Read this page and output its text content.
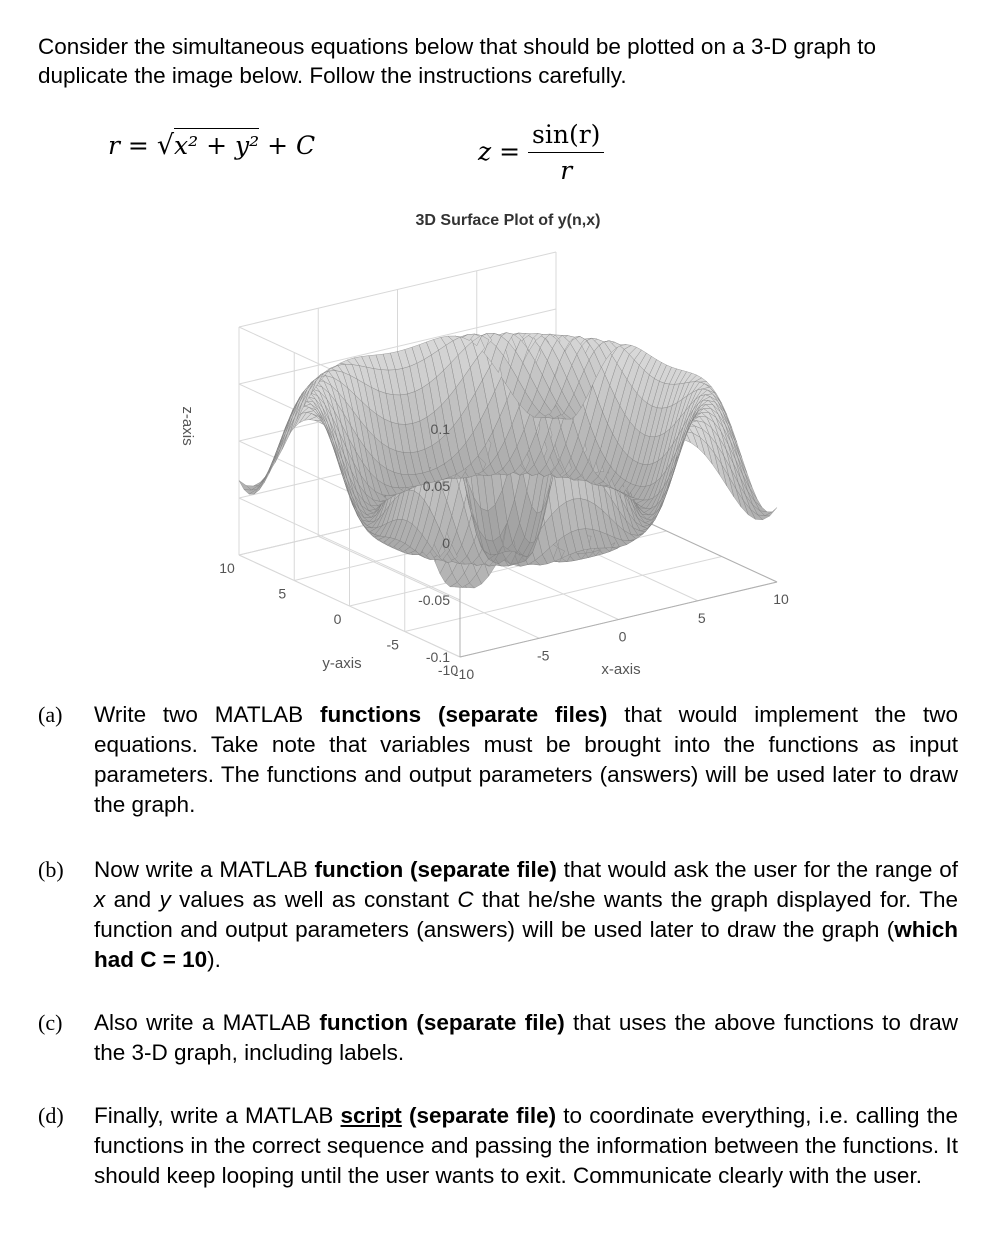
Consider the simultaneous equations below that should be plotted on a 3-D graph to
duplicate the image below. Follow the instructions carefully.
r = √x² + y² + C	$z = \frac{\sin(r)}{r}$
3D Surface Plot of y(n,x)
0.1
0.05
0
-0.05
-0.1
-10
-5
0
5
10
10
5
0
-5
-10
z-axis
y-axis	x-axis
(a) Write two MATLAB functions (separate files) that would implement the two equations. Take note that variables must be brought into the functions as input parameters. The functions and output parameters (answers) will be used later to draw the graph.
(b) Now write a MATLAB function (separate file) that would ask the user for the range of x and y values as well as constant C that he/she wants the graph displayed for. The function and output parameters (answers) will be used later to draw the graph (which had C = 10).
(c) Also write a MATLAB function (separate file) that uses the above functions to draw the 3-D graph, including labels.
(d) Finally, write a MATLAB script (separate file) to coordinate everything, i.e. calling the functions in the correct sequence and passing the information between the functions. It should keep looping until the user wants to exit. Communicate clearly with the user.
